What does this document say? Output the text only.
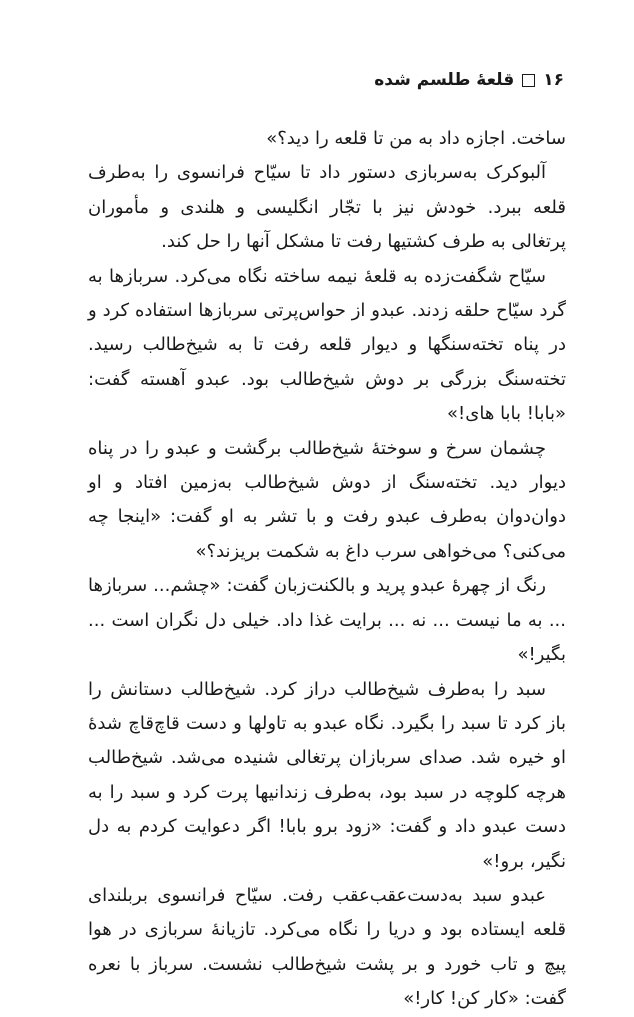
۱۶
قلعهٔ طلسم شده

ساخت. اجازه داد به من تا قلعه را دید؟»

آلبوکرک به‌سربازی دستور داد تا سیّاح فرانسوی را به‌طرف قلعه ببرد. خودش نیز با تجّار انگلیسی و هلندی و مأموران پرتغالی به طرف کشتیها رفت تا مشکل آنها را حل کند.

سیّاح شگفت‌زده به قلعهٔ نیمه ساخته نگاه می‌کرد. سربازها به گرد سیّاح حلقه زدند. عبدو از حواس‌پرتی سربازها استفاده کرد و در پناه تخته‌سنگها و دیوار قلعه رفت تا به شیخ‌طالب رسید. تخته‌سنگ بزرگی بر دوش شیخ‌طالب بود. عبدو آهسته گفت: «بابا! بابا های!»

چشمان سرخ و سوختهٔ شیخ‌طالب برگشت و عبدو را در پناه دیوار دید. تخته‌سنگ از دوش شیخ‌طالب به‌زمین افتاد و او دوان‌دوان به‌طرف عبدو رفت و با تشر به او گفت: «اینجا چه می‌کنی؟ می‌خواهی سرب داغ به شکمت بریزند؟»

رنگ از چهرهٔ عبدو پرید و بالکنت‌زبان گفت: «چشم... سربازها ... به ما نیست ... نه ... برایت غذا داد. خیلی دل نگران است ... بگیر!»

سبد را به‌طرف شیخ‌طالب دراز کرد. شیخ‌طالب دستانش را باز کرد تا سبد را بگیرد. نگاه عبدو به تاولها و دست قاچ‌قاچ شدهٔ او خیره شد. صدای سربازان پرتغالی شنیده می‌شد. شیخ‌طالب هرچه کلوچه در سبد بود، به‌طرف زندانیها پرت کرد و سبد را به دست عبدو داد و گفت: «زود برو بابا! اگر دعوایت کردم به دل نگیر، برو!»

عبدو سبد به‌دست‌عقب‌عقب رفت. سیّاح فرانسوی بربلندای قلعه ایستاده بود و دریا را نگاه می‌کرد. تازیانهٔ سربازی در هوا پیچ و تاب خورد و بر پشت شیخ‌طالب نشست. سرباز با نعره گفت: «کار کن! کار!»
